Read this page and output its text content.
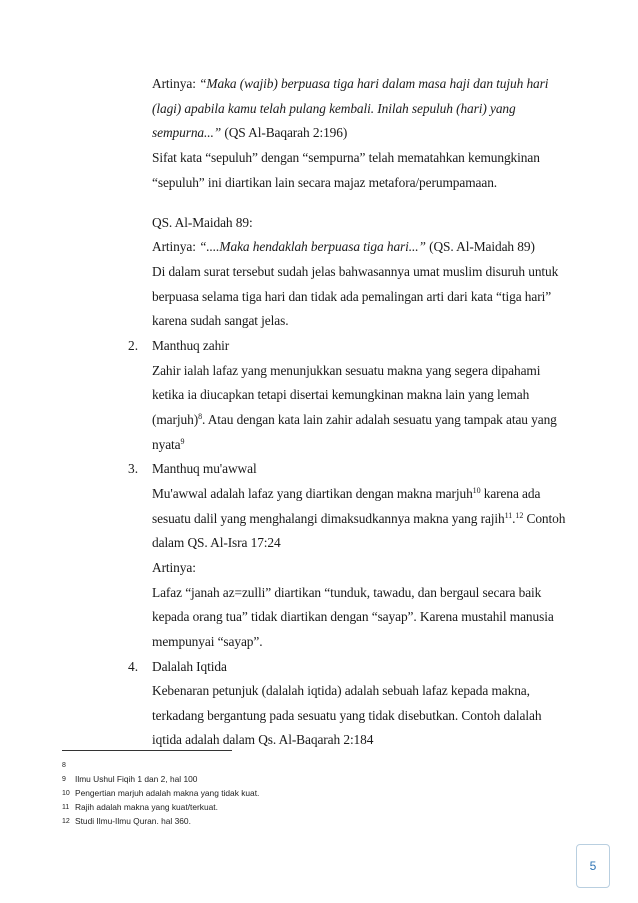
Artinya: “Maka (wajib) berpuasa tiga hari dalam masa haji dan tujuh hari
(lagi) apabila kamu telah pulang kembali. Inilah sepuluh (hari) yang
sempurna...” (QS Al-Baqarah 2:196)
Sifat kata “sepuluh” dengan “sempurna” telah mematahkan kemungkinan
“sepuluh” ini diartikan lain secara majaz metafora/perumpamaan.
QS. Al-Maidah 89:
Artinya: “....Maka hendaklah berpuasa tiga hari...” (QS. Al-Maidah 89)
Di dalam surat tersebut sudah jelas bahwasannya umat muslim disuruh untuk
berpuasa selama tiga hari dan tidak ada pemalingan arti dari kata “tiga hari”
karena sudah sangat jelas.
2. Manthuq zahir
Zahir ialah lafaz yang menunjukkan sesuatu makna yang segera dipahami
ketika ia diucapkan tetapi disertai kemungkinan makna lain yang lemah
(marjuh)$^8$. Atau dengan kata lain zahir adalah sesuatu yang tampak atau yang
nyata$^9$
3. Manthuq mu'awwal
Mu'awwal adalah lafaz yang diartikan dengan makna marjuh$^{10}$ karena ada
sesuatu dalil yang menghalangi dimaksudkannya makna yang rajih$^{11}$.$^{12}$ Contoh
dalam QS. Al-Isra 17:24
Artinya:
Lafaz “janah az=zulli” diartikan “tunduk, tawadu, dan bergaul secara baik
kepada orang tua” tidak diartikan dengan “sayap”. Karena mustahil manusia
mempunyai “sayap”.
4. Dalalah Iqtida
Kebenaran petunjuk (dalalah iqtida) adalah sebuah lafaz kepada makna,
terkadang bergantung pada sesuatu yang tidak disebutkan. Contoh dalalah
iqtida adalah dalam Qs. Al-Baqarah 2:184
8
9 Ilmu Ushul Fiqih 1 dan 2, hal 100
10 Pengertian marjuh adalah makna yang tidak kuat.
11 Rajih adalah makna yang kuat/terkuat.
12 Studi Ilmu-Ilmu Quran. hal 360.
5
